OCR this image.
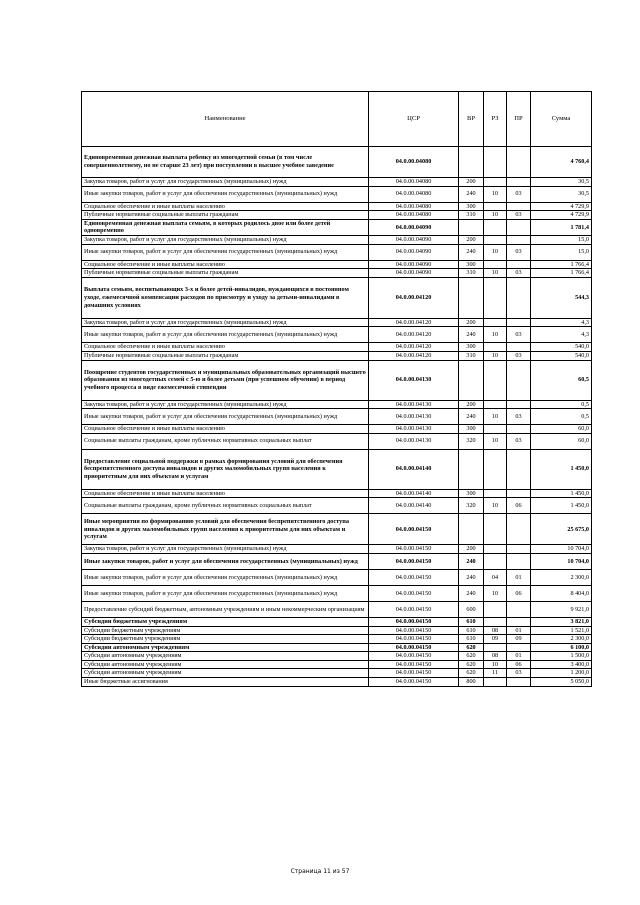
Наименование	ЦСР	ВР	РЗ	ПР	Сумма
Единовременная денежная выплата ребенку из многодетной семьи (в том числе совершеннолетнему, но не старше 23 лет) при поступлении в высшее учебное заведение	04.0.00.04080				4 760,4
Закупка товаров, работ и услуг для государственных (муниципальных) нужд	04.0.00.04080	200			30,5
Иные закупки товаров, работ и услуг для обеспечения государственных (муниципальных) нужд	04.0.00.04080	240	10	03	30,5
Социальное обеспечение и иные выплаты населению	04.0.00.04080	300			4 729,9
Публичные нормативные социальные выплаты гражданам	04.0.00.04080	310	10	03	4 729,9
Единовременная денежная выплата семьям, в которых родилось двое или более детей одновременно	04.0.00.04090				1 781,4
Закупка товаров, работ и услуг для государственных (муниципальных) нужд	04.0.00.04090	200			15,0
Иные закупки товаров, работ и услуг для обеспечения государственных (муниципальных) нужд	04.0.00.04090	240	10	03	15,0
Социальное обеспечение и иные выплаты населению	04.0.00.04090	300			1 766,4
Публичные нормативные социальные выплаты гражданам	04.0.00.04090	310	10	03	1 766,4
Выплата семьям, воспитывающих 3-х и более детей-инвалидов, нуждающихся в постоянном уходе, ежемесячной компенсации расходов по присмотру и уходу за детьми-инвалидами в домашних условиях	04.0.00.04120				544,3
Закупка товаров, работ и услуг для государственных (муниципальных) нужд	04.0.00.04120	200			4,3
Иные закупки товаров, работ и услуг для обеспечения государственных (муниципальных) нужд	04.0.00.04120	240	10	03	4,3
Социальное обеспечение и иные выплаты населению	04.0.00.04120	300			540,0
Публичные нормативные социальные выплаты гражданам	04.0.00.04120	310	10	03	540,0
Поощрение студентов государственных и муниципальных образовательных организаций высшего образования из многодетных семей с 5-ю и более детьми (при успешном обучении) в период учебного процесса в виде ежемесячной стипендии	04.0.00.04130				60,5
Закупка товаров, работ и услуг для государственных (муниципальных) нужд	04.0.00.04130	200			0,5
Иные закупки товаров, работ и услуг для обеспечения государственных (муниципальных) нужд	04.0.00.04130	240	10	03	0,5
Социальное обеспечение и иные выплаты населению	04.0.00.04130	300			60,0
Социальные выплаты гражданам, кроме публичных нормативных социальных выплат	04.0.00.04130	320	10	03	60,0
Предоставление социальной поддержки в рамках формирования условий для обеспечения беспрепятственного доступа инвалидов и других маломобильных групп населения к приоритетным для них объектам и услугам	04.0.00.04140				1 450,0
Социальное обеспечение и иные выплаты населению	04.0.00.04140	300			1 450,0
Социальные выплаты гражданам, кроме публичных нормативных социальных выплат	04.0.00.04140	320	10	06	1 450,0
Иные мероприятия по формированию условий для обеспечения беспрепятственного доступа инвалидов и других маломобильных групп населения к приоритетным для них объектам и услугам	04.0.00.04150				25 675,0
Закупка товаров, работ и услуг для государственных (муниципальных) нужд	04.0.00.04150	200			10 704,0
Иные закупки товаров, работ и услуг для обеспечения государственных (муниципальных) нужд	04.0.00.04150	240			10 704,0
Иные закупки товаров, работ и услуг для обеспечения государственных (муниципальных) нужд	04.0.00.04150	240	04	01	2 300,0
Иные закупки товаров, работ и услуг для обеспечения государственных (муниципальных) нужд	04.0.00.04150	240	10	06	8 404,0
Предоставление субсидий бюджетным, автономным учреждениям и иным некоммерческим организациям	04.0.00.04150	600			9 921,0
Субсидии бюджетным учреждениям	04.0.00.04150	610			3 821,0
Субсидии бюджетным учреждениям	04.0.00.04150	610	08	01	1 521,0
Субсидии бюджетным учреждениям	04.0.00.04150	610	09	09	2 300,0
Субсидии автономным учреждениям	04.0.00.04150	620			6 100,0
Субсидии автономным учреждениям	04.0.00.04150	620	08	01	1 500,0
Субсидии автономным учреждениям	04.0.00.04150	620	10	06	3 400,0
Субсидии автономным учреждениям	04.0.00.04150	620	11	03	1 200,0
Иные бюджетные ассигнования	04.0.00.04150	800			5 050,0
Страница 11 из 57
